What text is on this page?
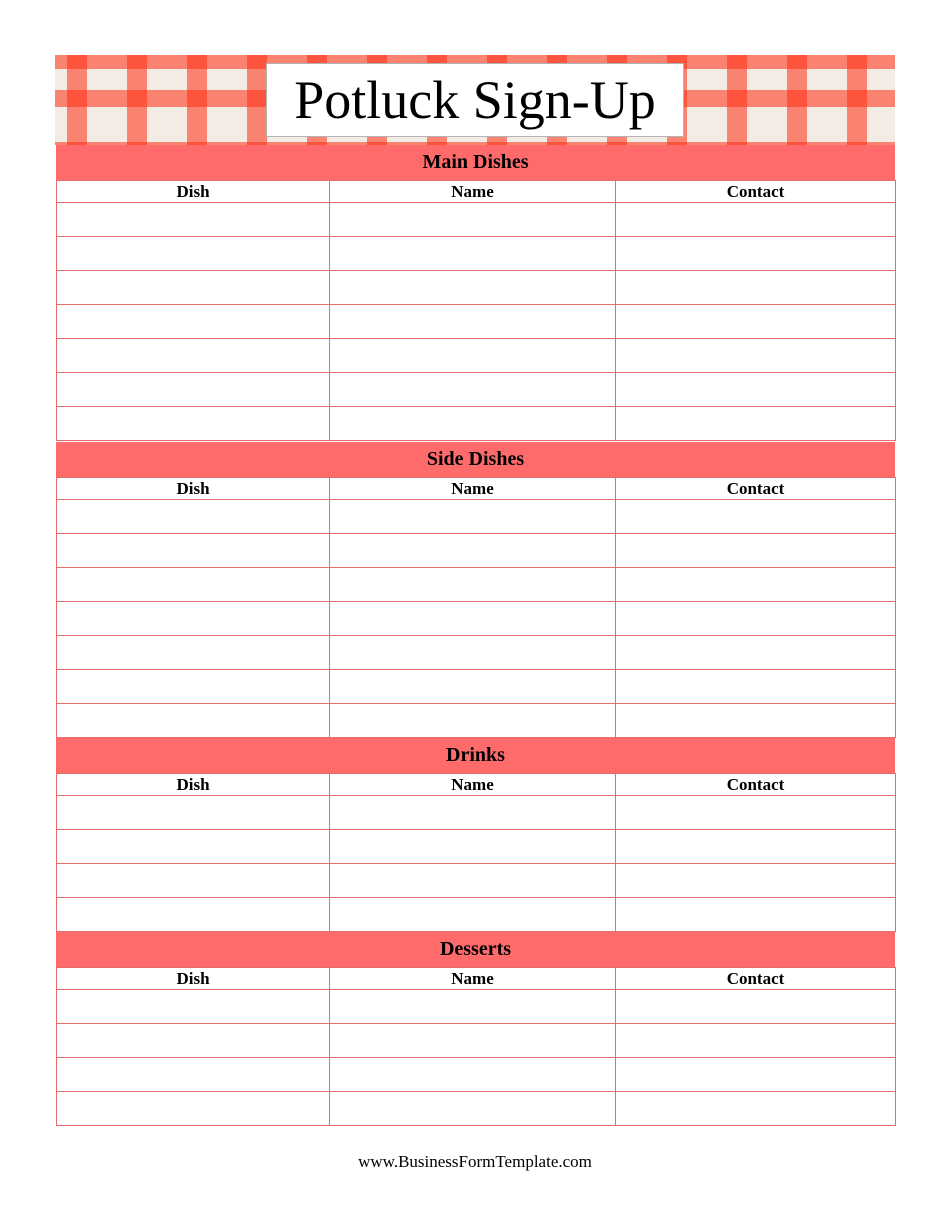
Potluck Sign-Up
Main Dishes
Dish	Name	Contact

Side Dishes
Dish	Name	Contact

Drinks
Dish	Name	Contact

Desserts
Dish	Name	Contact

www.BusinessFormTemplate.com
